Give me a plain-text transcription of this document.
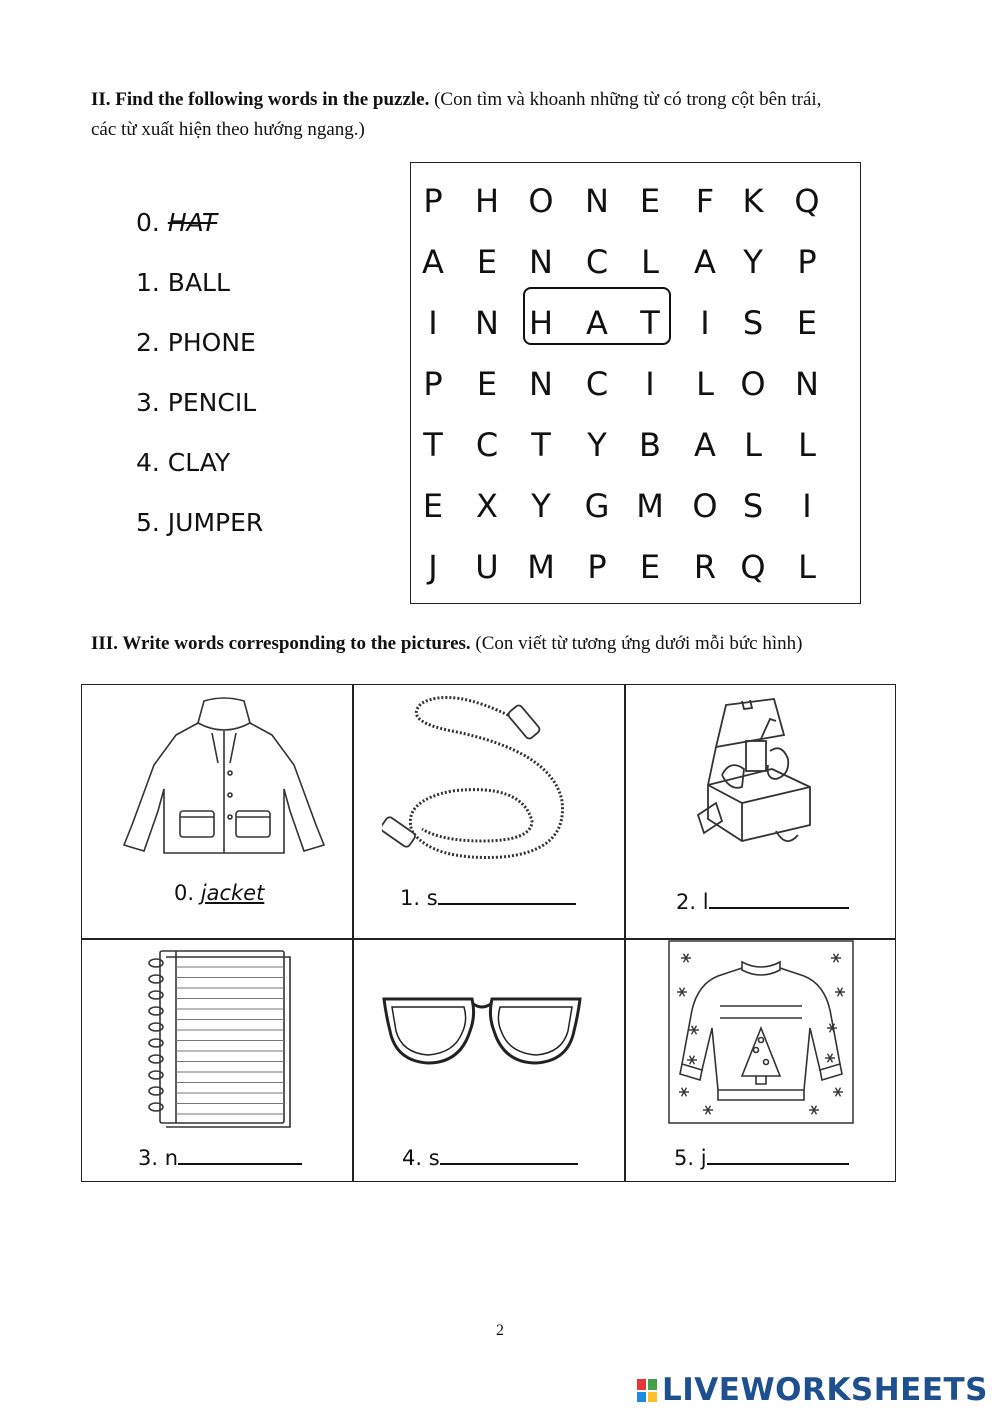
II. Find the following words in the puzzle. (Con tìm và khoanh những từ có trong cột bên trái,
các từ xuất hiện theo hướng ngang.)
0. HAT
1. BALL
2. PHONE
3. PENCIL
4. CLAY
5. JUMPER
P	H O N E	F K Q
A	E N C	L	A Y	P
I	N H A	T	I	S	E
P	E N C	I	L O N
T	C	T	Y	B A L	L
E	X	Y	G M O S	I
J	U M	P	E	R Q	L
III. Write words corresponding to the pictures. (Con viết từ tương ứng dưới mỗi bức hình)
0. jacket	1. s	2. l
3. n	4. s	5. j
2
LIVEWORKSHEETS
